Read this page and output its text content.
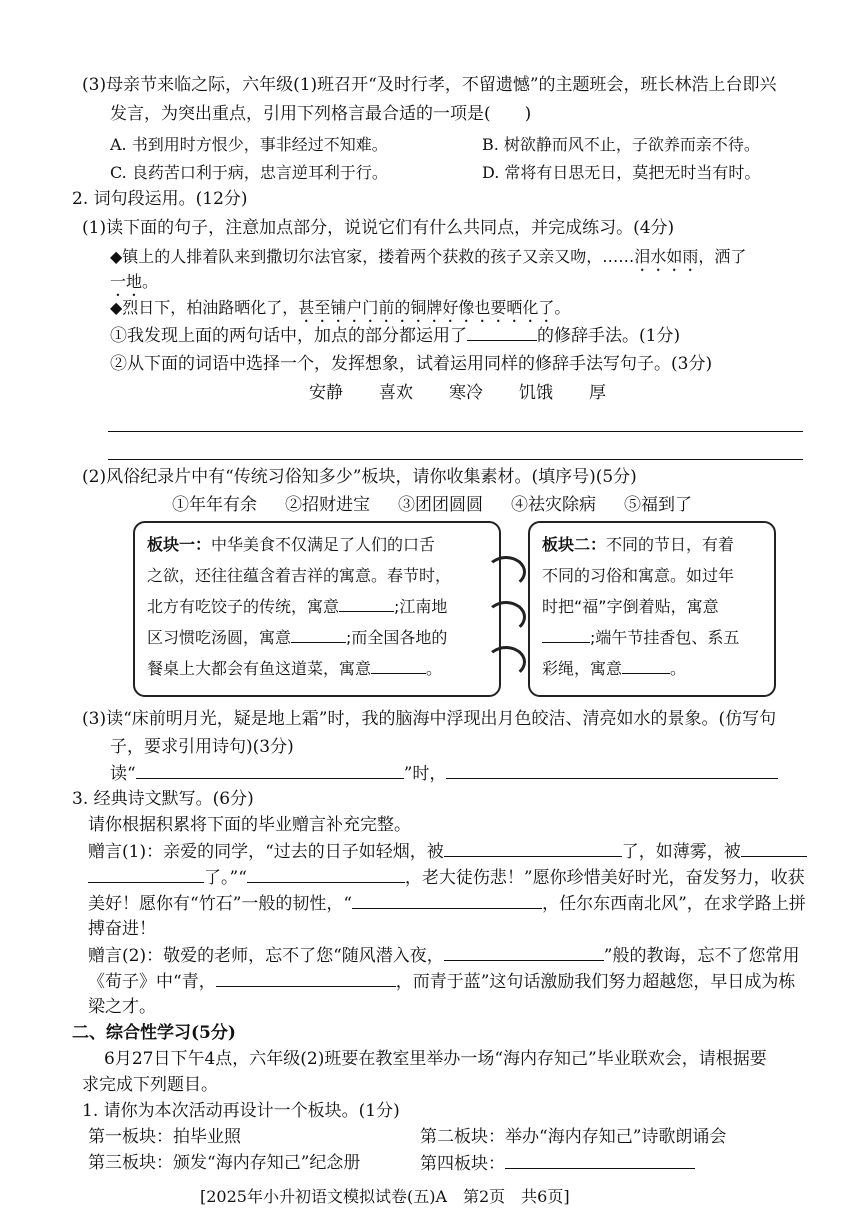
(3)母亲节来临之际，六年级(1)班召开“及时行孝，不留遗憾”的主题班会，班长林浩上台即兴
发言，为突出重点，引用下列格言最合适的一项是(　　)
A. 书到用时方恨少，事非经过不知难。	B. 树欲静而风不止，子欲养而亲不待。
C. 良药苦口利于病，忠言逆耳利于行。	D. 常将有日思无日，莫把无时当有时。
2. 词句段运用。(12分)
(1)读下面的句子，注意加点部分，说说它们有什么共同点，并完成练习。(4分)
◆镇上的人排着队来到撒切尔法官家，搂着两个获救的孩子又亲又吻，……泪水如雨，洒了
一地。
◆烈日下，柏油路晒化了，甚至铺户门前的铜牌好像也要晒化了。
①我发现上面的两句话中，加点的部分都运用了	的修辞手法。(1分)
②从下面的词语中选择一个，发挥想象，试着运用同样的修辞手法写句子。(3分)
安静 喜欢 寒冷 饥饿 厚
(2)风俗纪录片中有“传统习俗知多少”板块，请你收集素材。(填序号)(5分)
①年年有余 ②招财进宝 ③团团圆圆 ④祛灾除病 ⑤福到了
板块一：中华美食不仅满足了人们的口舌
之欲，还往往蕴含着吉祥的寓意。春节时，
北方有吃饺子的传统，寓意	;江南地
区习惯吃汤圆，寓意	;而全国各地的
餐桌上大都会有鱼这道菜，寓意	。
板块二：不同的节日，有着
不同的习俗和寓意。如过年
时把“福”字倒着贴，寓意
;端午节挂香包、系五
彩绳，寓意	。
(3)读“床前明月光，疑是地上霜”时，我的脑海中浮现出月色皎洁、清亮如水的景象。(仿写句
子，要求引用诗句)(3分)
读“	”时，
3. 经典诗文默写。(6分)
请你根据积累将下面的毕业赠言补充完整。
赠言(1)：亲爱的同学，“过去的日子如轻烟，被	了，如薄雾，被
了。”“	，老大徒伤悲！”愿你珍惜美好时光，奋发努力，收获
美好！愿你有“竹石”一般的韧性，“	，任尔东西南北风”，在求学路上拼
搏奋进！
赠言(2)：敬爱的老师，忘不了您“随风潜入夜，	”般的教诲，忘不了您常用
《荀子》中“青，	，而青于蓝”这句话激励我们努力超越您，早日成为栋
梁之才。
二、综合性学习(5分)
6月27日下午4点，六年级(2)班要在教室里举办一场“海内存知己”毕业联欢会，请根据要
求完成下列题目。
1. 请你为本次活动再设计一个板块。(1分)
第一板块：拍毕业照	第二板块：举办“海内存知己”诗歌朗诵会
第三板块：颁发“海内存知己”纪念册	第四板块：
[2025年小升初语文模拟试卷(五)A　第2页　共6页]
